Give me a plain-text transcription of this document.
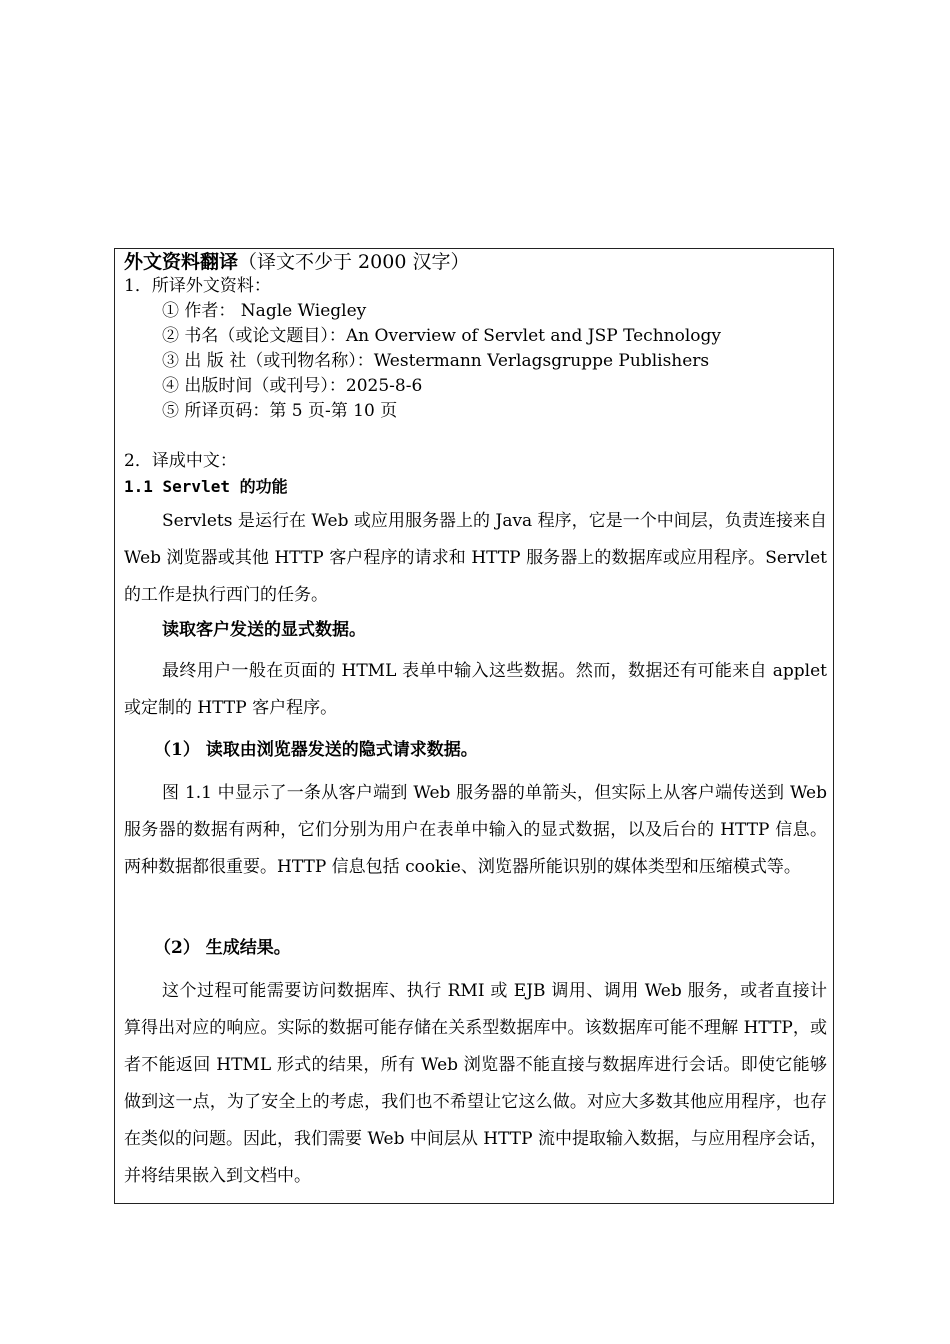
外文资料翻译（译文不少于 2000 汉字）
1．所译外文资料：
① 作者： Nagle Wiegley
② 书名（或论文题目）：An Overview of Servlet and JSP Technology
③ 出 版 社（或刊物名称）：Westermann Verlagsgruppe Publishers
④ 出版时间（或刊号）：2025-8-6
⑤ 所译页码：第 5 页-第 10 页
2．译成中文：
1.1 Servlet 的功能
Servlets 是运行在 Web 或应用服务器上的 Java 程序，它是一个中间层，负责连接来自 Web 浏览器或其他 HTTP 客户程序的请求和 HTTP 服务器上的数据库或应用程序。Servlet 的工作是执行西门的任务。
读取客户发送的显式数据。
最终用户一般在页面的 HTML 表单中输入这些数据。然而，数据还有可能来自 applet 或定制的 HTTP 客户程序。
（1） 读取由浏览器发送的隐式请求数据。
图 1.1 中显示了一条从客户端到 Web 服务器的单箭头，但实际上从客户端传送到 Web 服务器的数据有两种，它们分别为用户在表单中输入的显式数据，以及后台的 HTTP 信息。两种数据都很重要。HTTP 信息包括 cookie、浏览器所能识别的媒体类型和压缩模式等。
（2） 生成结果。
这个过程可能需要访问数据库、执行 RMI 或 EJB 调用、调用 Web 服务，或者直接计算得出对应的响应。实际的数据可能存储在关系型数据库中。该数据库可能不理解 HTTP，或者不能返回 HTML 形式的结果，所有 Web 浏览器不能直接与数据库进行会话。即使它能够做到这一点，为了安全上的考虑，我们也不希望让它这么做。对应大多数其他应用程序，也存在类似的问题。因此，我们需要 Web 中间层从 HTTP 流中提取输入数据，与应用程序会话，并将结果嵌入到文档中。
